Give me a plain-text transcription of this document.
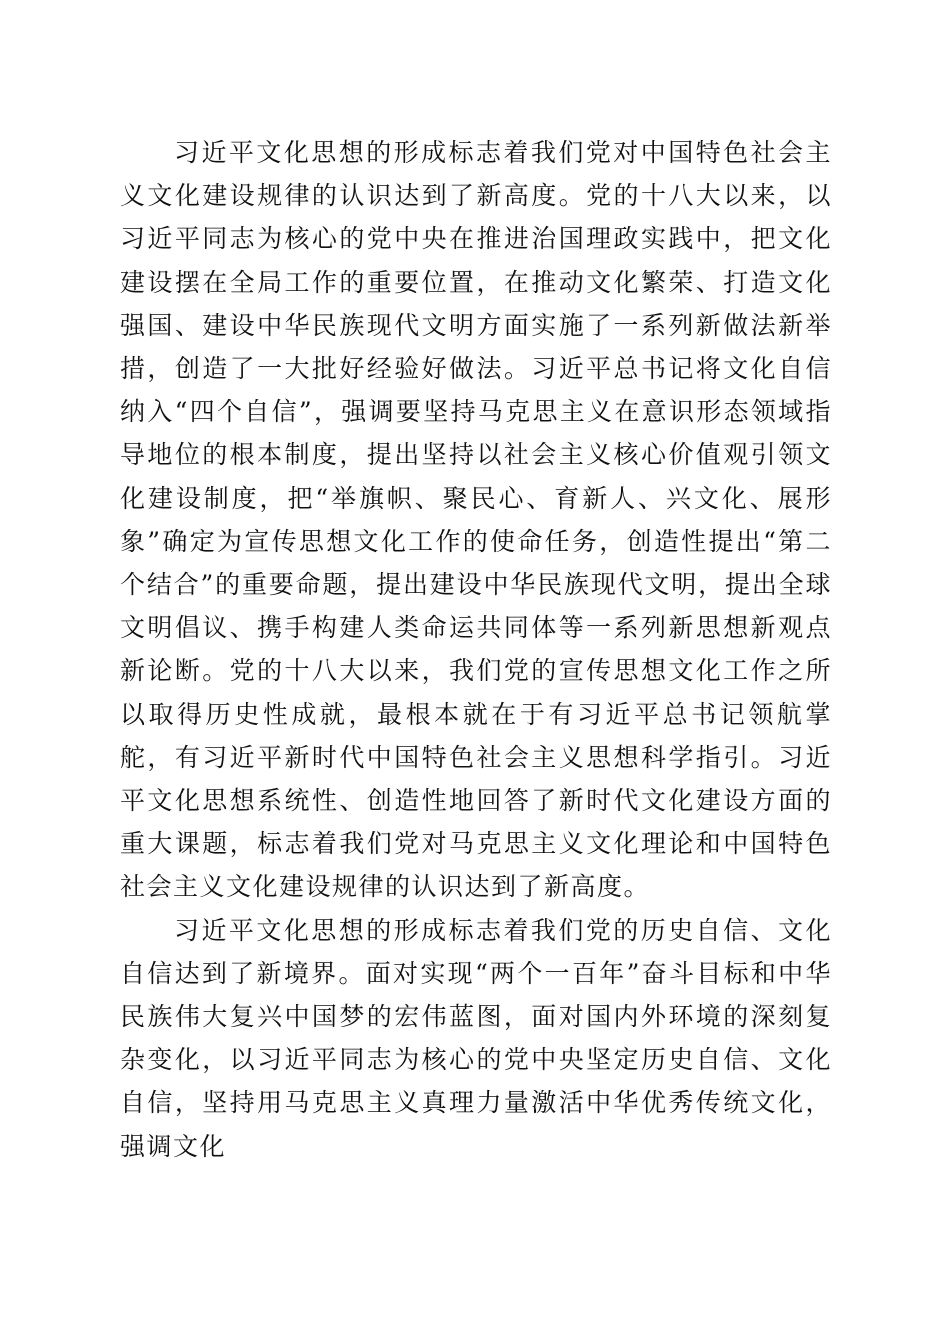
习近平文化思想的形成标志着我们党对中国特色社会主义文化建设规律的认识达到了新高度。党的十八大以来，以习近平同志为核心的党中央在推进治国理政实践中，把文化建设摆在全局工作的重要位置，在推动文化繁荣、打造文化强国、建设中华民族现代文明方面实施了一系列新做法新举措，创造了一大批好经验好做法。习近平总书记将文化自信纳入“四个自信”，强调要坚持马克思主义在意识形态领域指导地位的根本制度，提出坚持以社会主义核心价值观引领文化建设制度，把“举旗帜、聚民心、育新人、兴文化、展形象”确定为宣传思想文化工作的使命任务，创造性提出“第二个结合”的重要命题，提出建设中华民族现代文明，提出全球文明倡议、携手构建人类命运共同体等一系列新思想新观点新论断。党的十八大以来，我们党的宣传思想文化工作之所以取得历史性成就，最根本就在于有习近平总书记领航掌舵，有习近平新时代中国特色社会主义思想科学指引。习近平文化思想系统性、创造性地回答了新时代文化建设方面的重大课题，标志着我们党对马克思主义文化理论和中国特色社会主义文化建设规律的认识达到了新高度。

习近平文化思想的形成标志着我们党的历史自信、文化自信达到了新境界。面对实现“两个一百年”奋斗目标和中华民族伟大复兴中国梦的宏伟蓝图，面对国内外环境的深刻复杂变化，以习近平同志为核心的党中央坚定历史自信、文化自信，坚持用马克思主义真理力量激活中华优秀传统文化，强调文化
